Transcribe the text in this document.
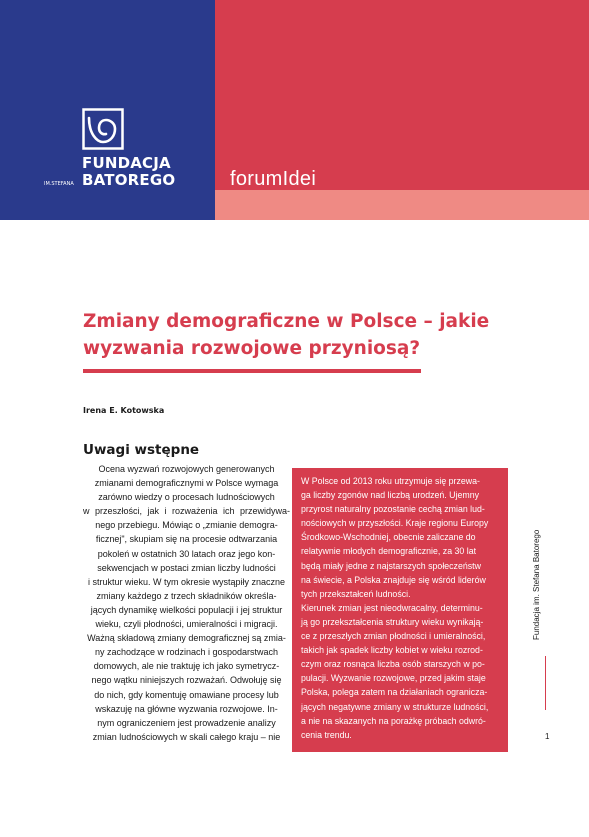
FUNDACJA
IM.STEFANA BATOREGO	forumIdei
Zmiany demograficzne w Polsce – jakie
wyzwania rozwojowe przyniosą?
Irena E. Kotowska
Uwagi wstępne
Ocena wyzwań rozwojowych generowanych
zmianami demograficznymi w Polsce wymaga
zarówno wiedzy o procesach ludnościowych
w przeszłości, jak i rozważenia ich przewidywa-
nego przebiegu. Mówiąc o „zmianie demogra-
ficznej", skupiam się na procesie odtwarzania
pokoleń w ostatnich 30 latach oraz jego kon-
sekwencjach w postaci zmian liczby ludności
i struktur wieku. W tym okresie wystąpiły znaczne
zmiany każdego z trzech składników określa-
jących dynamikę wielkości populacji i jej struktur
wieku, czyli płodności, umieralności i migracji.
Ważną składową zmiany demograficznej są zmia-
ny zachodzące w rodzinach i gospodarstwach
domowych, ale nie traktuję ich jako symetrycz-
nego wątku niniejszych rozważań. Odwołuję się
do nich, gdy komentuję omawiane procesy lub
wskazuję na główne wyzwania rozwojowe. In-
nym ograniczeniem jest prowadzenie analizy
zmian ludnościowych w skali całego kraju – nie
W Polsce od 2013 roku utrzymuje się przewa-
ga liczby zgonów nad liczbą urodzeń. Ujemny
przyrost naturalny pozostanie cechą zmian lud-
nościowych w przyszłości. Kraje regionu Europy
Środkowo-Wschodniej, obecnie zaliczane do
relatywnie młodych demograficznie, za 30 lat
będą miały jedne z najstarszych społeczeństw
na świecie, a Polska znajduje się wśród liderów
tych przekształceń ludności.
Kierunek zmian jest nieodwracalny, determinu-
ją go przekształcenia struktury wieku wynikają-
ce z przeszłych zmian płodności i umieralności,
takich jak spadek liczby kobiet w wieku rozrod-
czym oraz rosnąca liczba osób starszych w po-
pulacji. Wyzwanie rozwojowe, przed jakim staje
Polska, polega zatem na działaniach ogranicza-
jących negatywne zmiany w strukturze ludności,
a nie na skazanych na porażkę próbach odwró-
cenia trendu.
Fundacja im. Stefana Batorego
1
